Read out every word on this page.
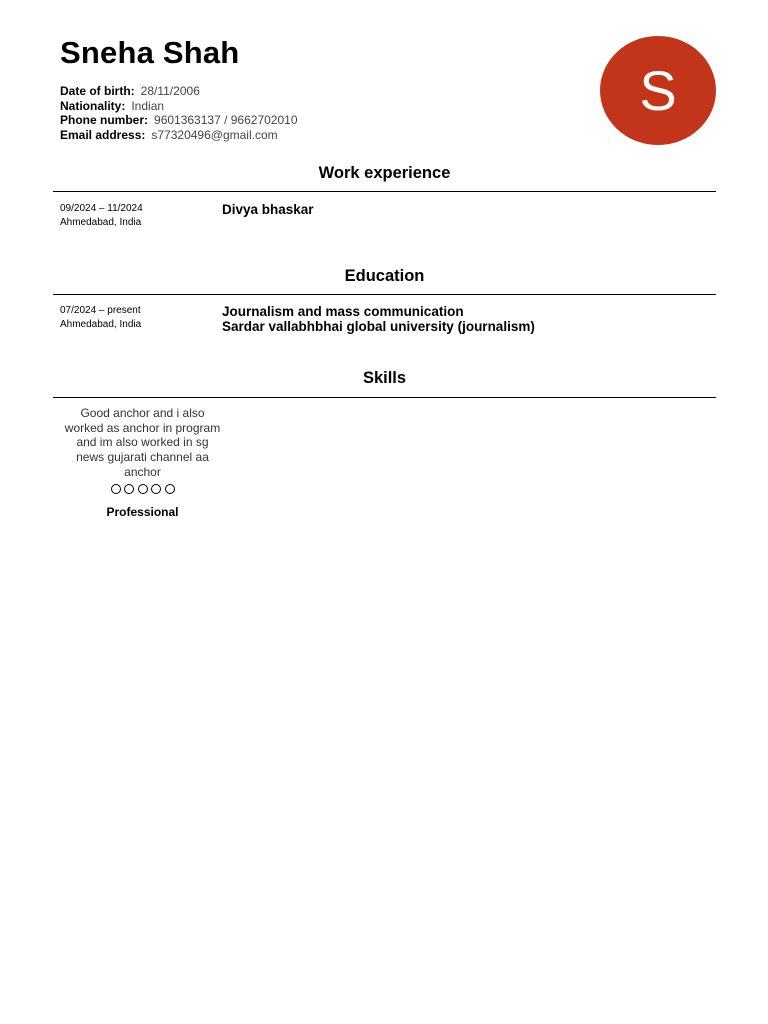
Sneha Shah
Date of birth: 28/11/2006
Nationality: Indian
Phone number: 9601363137 / 9662702010
Email address: s77320496@gmail.com
S
Work experience
09/2024 – 11/2024
Ahmedabad, India
Divya bhaskar
Education
07/2024 – present
Ahmedabad, India
Journalism and mass communication
Sardar vallabhbhai global university (journalism)
Skills
Good anchor and i also worked as anchor in program and im also worked in sg news gujarati channel aa anchor
Professional
